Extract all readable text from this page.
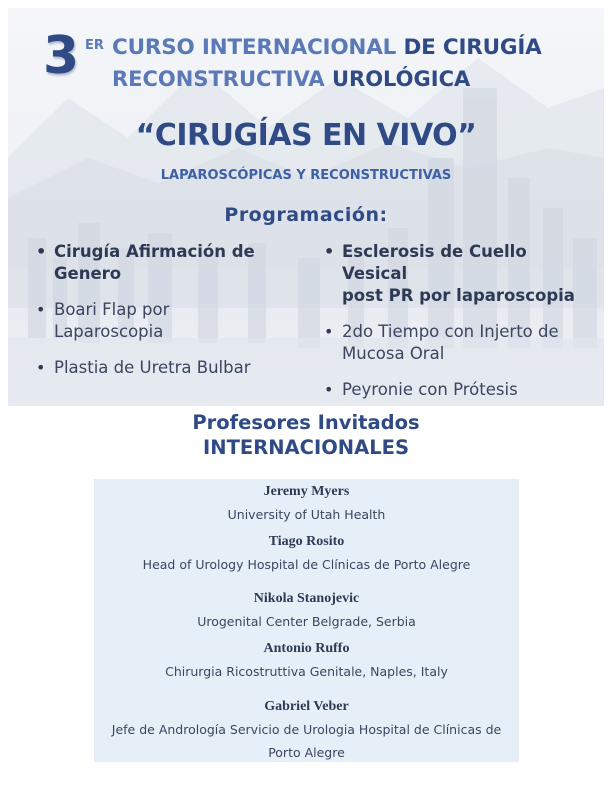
3 ER CURSO INTERNACIONAL DE CIRUGÍA
RECONSTRUCTIVA UROLÓGICA
“CIRUGÍAS EN VIVO”
LAPAROSCÓPICAS Y RECONSTRUCTIVAS
Programación:
• Cirugía Afirmación de
Genero
• Boari Flap por
Laparoscopia
• Plastia de Uretra Bulbar
• Esclerosis de Cuello Vesical
post PR por laparoscopia
• 2do Tiempo con Injerto de
Mucosa Oral
• Peyronie con Prótesis
Profesores Invitados
INTERNACIONALES
Jeremy Myers
University of Utah Health
Tiago Rosito
Head of Urology Hospital de Clínicas de Porto Alegre
Nikola Stanojevic
Urogenital Center Belgrade, Serbia
Antonio Ruffo
Chirurgia Ricostruttiva Genitale, Naples, Italy
Gabriel Veber
Jefe de Andrología Servicio de Urologia Hospital de Clínicas de
Porto Alegre
